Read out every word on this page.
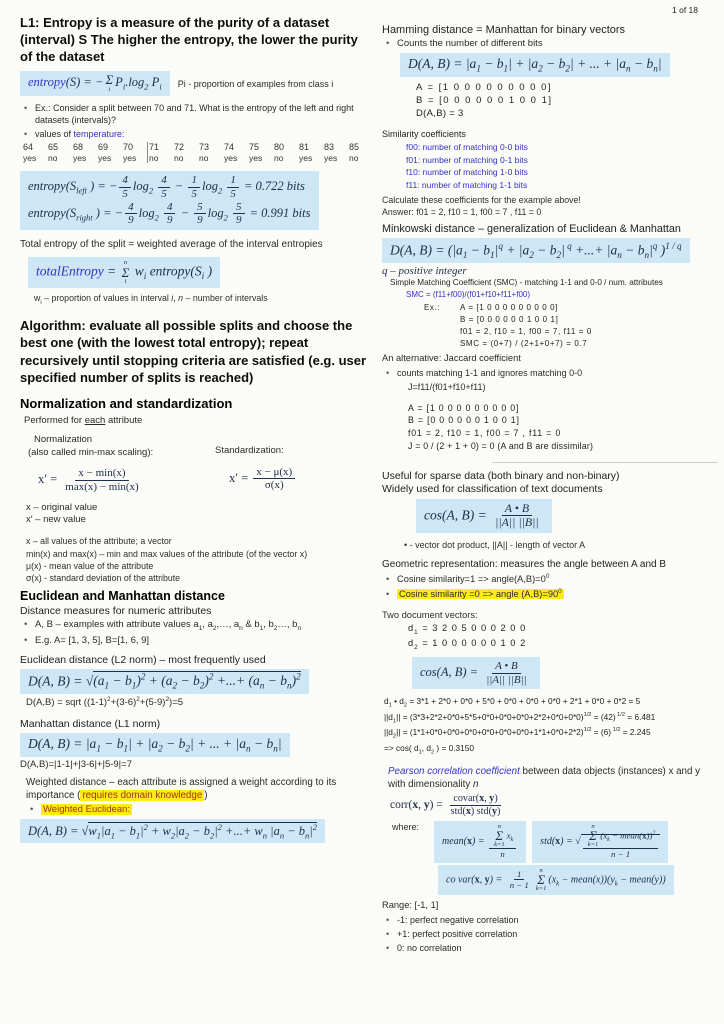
1 of 18

L1: Entropy is a measure of the purity of a dataset (interval) S The higher the entropy, the lower the purity of the dataset

entropy(S) = − Σ
i $P_i.\log_2$ $P_i$	Pi - proportion of examples from class i
• Ex.: Consider a split between 70 and 71. What is the entropy of the left and right datasets (intervals)?
• values of temperature:
64
yes
65
no
68
yes
69
yes
70
yes
71
no
72
no
73
no
74
yes
75
yes
80
no
81
yes
83
yes
85
no
$entropy(S_{left}$ ) = − $\frac{4}{5} \log_2 \frac{4}{5} - \frac{1}{5} \log_2 \frac{1}{5} = 0.722$ bits
$entropy(S_{right}$ ) = − $\frac{4}{9} \log_2 \frac{4}{9} - \frac{5}{9} \log_2 \frac{5}{9} = 0.991$ bits
Total entropy of the split = weighted average of the interval entropies
totalEntropy =
n
Σ
i
$w_i$ $entropy(S_i$ )
$w_i$ – proportion of values in interval i, n – number of intervals

Algorithm: evaluate all possible splits and choose the best one (with the lowest total entropy); repeat recursively until stopping criteria are satisfied (e.g. user specified number of splits is reached)

Normalization and standardization

Performed for each attribute
Normalization
(also called min-max scaling):
x′ = x − min(x)
max(x) − min(x)
Standardization:
$x' = \frac{x - \mu(x)}{\sigma(x)}$
x – original value
x′ – new value
x – all values of the attribute; a vector
min(x) and max(x) – min and max values of the attribute (of the vector x)
μ(x) - mean value of the attribute
σ(x) - standard deviation of the attribute

Euclidean and Manhattan distance

Distance measures for numeric attributes
• A, B – examples with attribute values $a_1$, $a_2,\dots$, $a_n$ & $b_1$, $b_2\dots$, $b_n$
• E.g. A= [1, 3, 5], B=[1, 6, 9]
Euclidean distance (L2 norm) – most frequently used
D(A, $B) = √(a_1 - b_1)^2 + (a_2 - b_2)^2$ +...+ $(a_n - b_n)^2$
D(A,B) = sqrt $((1-1)^2+(3-6)^2+(5-9)^2)=5$
Manhattan distance (L1 norm)
D(A, $B) = |a_1 - b_1| + |a_2 - b_2|$ + ... + $|a_n - b_n|$
D(A,B)=|1-1|+|3-6|+|5-9|=7
Weighted distance – each attribute is assigned a weight according to its importance ( requires domain knowledge )
• Weighted Euclidean:
D(A, $B) = √w_1|a_1 - b_1|^2 + w_2|a_2 - b_2|^2$ +...+ $w_n$ $|a_n - b_n|^2$
Hamming distance = Manhattan for binary vectors
• Counts the number of different bits
D(A, $B) = |a_1 - b_1| + |a_2 - b_2|$ + ... + $|a_n - b_n|$
A = [1 0 0 0 0 0 0 0 0 0]
B = [0 0 0 0 0 0 1 0 0 1]
D(A,B) = 3
Similarity coefficients
f00: number of matching 0-0 bits
f01: number of matching 0-1 bits
f10: number of matching 1-0 bits
f11: number of matching 1-1 bits
Calculate these coefficients for the example above!
Answer: f01 = 2, f10 = 1, f00 = 7 , f11 = 0
Minkowski distance – generalization of Euclidean & Manhattan
D(A, $B) = (|a_1 - b_1|^q + |a_2 - b_2|$ $^q$ +...+ $|a_n - b_n|^q$ )$^{1 / q}$
q – positive integer
Simple Matching Coefficient (SMC) - matching 1-1 and 0-0 / num. attributes
SMC = (f11+f00)/(f01+f10+f11+f00)
Ex.:	A = [1 0 0 0 0 0 0 0 0 0]
B = [0 0 0 0 0 0 1 0 0 1]
f01 = 2, f10 = 1, f00 = 7, f11 = 0
SMC = (0+7) / (2+1+0+7) = 0.7
An alternative: Jaccard coefficient
• counts matching 1-1 and ignores matching 0-0
J=f11/(f01+f10+f11)
A = [1 0 0 0 0 0 0 0 0 0]
B = [0 0 0 0 0 0 1 0 0 1]
f01 = 2, f10 = 1, f00 = 7 , f11 = 0
J = 0 / (2 + 1 + 0) = 0 (A and B are dissimilar)
Useful for sparse data (both binary and non-binary)
Widely used for classification of text documents
cos(A, $B) = \frac{A • B}{||A|| ||B||}$
• - vector dot product, ||A|| - length of vector A
Geometric representation: measures the angle between A and B
• Cosine similarity=1 => $angle(A,B)=0^0$
• Cosine similarity =0 => angle $(A,B)=90^0$
Two document vectors:
$d_1 = 3$ 2 0 5 0 0 0 2 0 0
$d_2 = 1$ 0 0 0 0 0 0 1 0 2
cos(A, $B) = \frac{A • B}{||A|| ||B||}$
$d_1$ • $d_2 = 3*1 + 2*0 + 0*0 + 5*0 + 0*0 + 0*0 + 0*0 + 2*1 + 0*0 + 0*2 = 5$
$||d_1|| = (3*3+2*2+0*0+5*5+0*0+0*0+0*0+2*2+0*0+0*0)^{1/2} = (42) ^{1/2} = 6.481$
$||d_2|| = (1*1+0*0+0*0+0*0+0*0+0*0+0*0+1*1+0*0+2*2)^{1/2} = (6) ^{1/2} = 2.245$
=> cos( $d_1$, $d_2$ ) = 0.3150
Pearson correlation coefficient between data objects (instances) x and y with dimensionality n
corr(x, y) =
covar(x, y)
std(x) std(y)
where:
mean(x) =
n
Σ
k=1
$x_k$
n
std(x) = √
n
Σ
k=1
($x_k$ − mean(x))$^2$
n − 1
co var(x, $y) = \frac{1}{n - 1}$ n
Σ
k=1
($x_k$ − $mean(x))(y_k$ − mean(y))
Range: [-1, 1]
• -1: perfect negative correlation
• +1: perfect positive correlation
• 0: no correlation
